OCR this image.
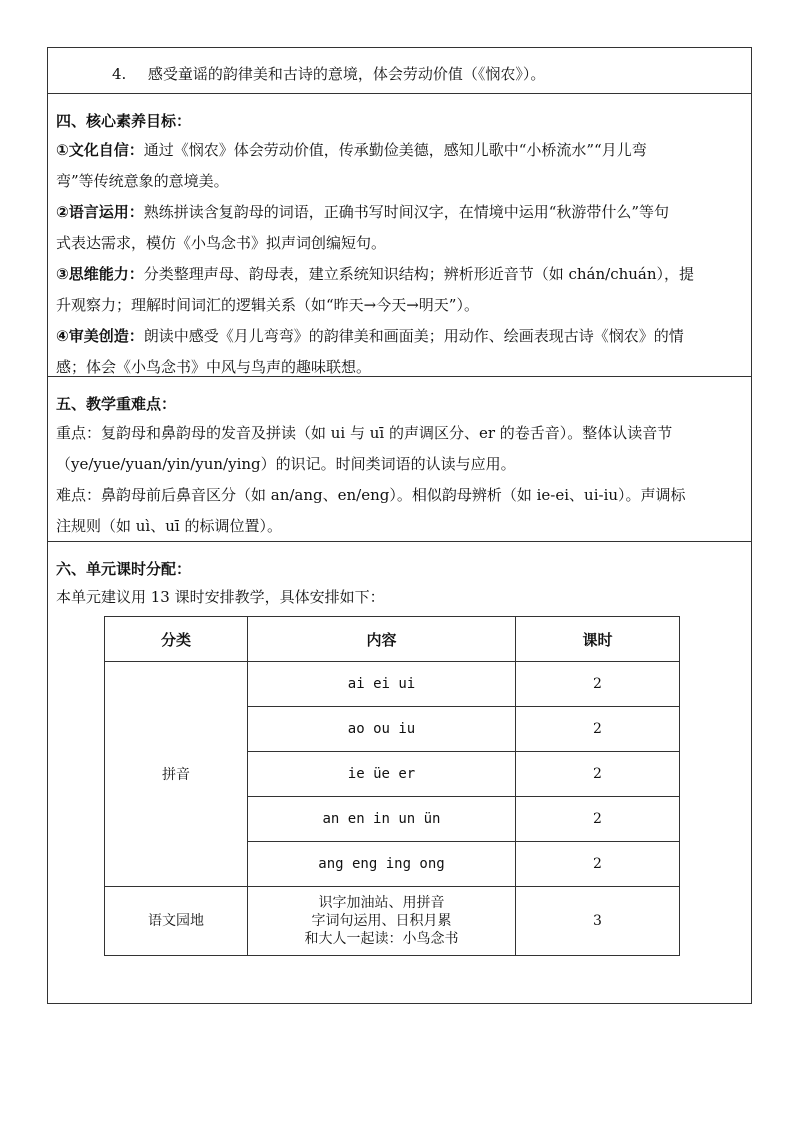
4. 感受童谣的韵律美和古诗的意境，体会劳动价值（《悯农》）。
四、核心素养目标：

①文化自信：通过《悯农》体会劳动价值，传承勤俭美德，感知儿歌中“小桥流水”“月儿弯

弯”等传统意象的意境美。

②语言运用：熟练拼读含复韵母的词语，正确书写时间汉字，在情境中运用“秋游带什么”等句

式表达需求，模仿《小鸟念书》拟声词创编短句。

③思维能力：分类整理声母、韵母表，建立系统知识结构；辨析形近音节（如 chán/chuán），提

升观察力；理解时间词汇的逻辑关系（如“昨天→今天→明天”）。

④审美创造：朗读中感受《月儿弯弯》的韵律美和画面美；用动作、绘画表现古诗《悯农》的情

感；体会《小鸟念书》中风与鸟声的趣味联想。

五、教学重难点：

重点：复韵母和鼻韵母的发音及拼读（如 ui 与 uī 的声调区分、er 的卷舌音）。整体认读音节

（ye/yue/yuan/yin/yun/ying）的识记。时间类词语的认读与应用。

难点：鼻韵母前后鼻音区分（如 an/ang、en/eng）。相似韵母辨析（如 ie-ei、ui-iu）。声调标

注规则（如 uì、uī 的标调位置）。

六、单元课时分配：
本单元建议用 13 课时安排教学，具体安排如下：
分类	内容	课时
拼音	ai ei ui	2
	ao ou iu	2
	ie üe er	2
	an en in un ün	2
	ang eng ing ong	2
语文园地	识字加油站、用拼音
字词句运用、日积月累
和大人一起读：小鸟念书	3
